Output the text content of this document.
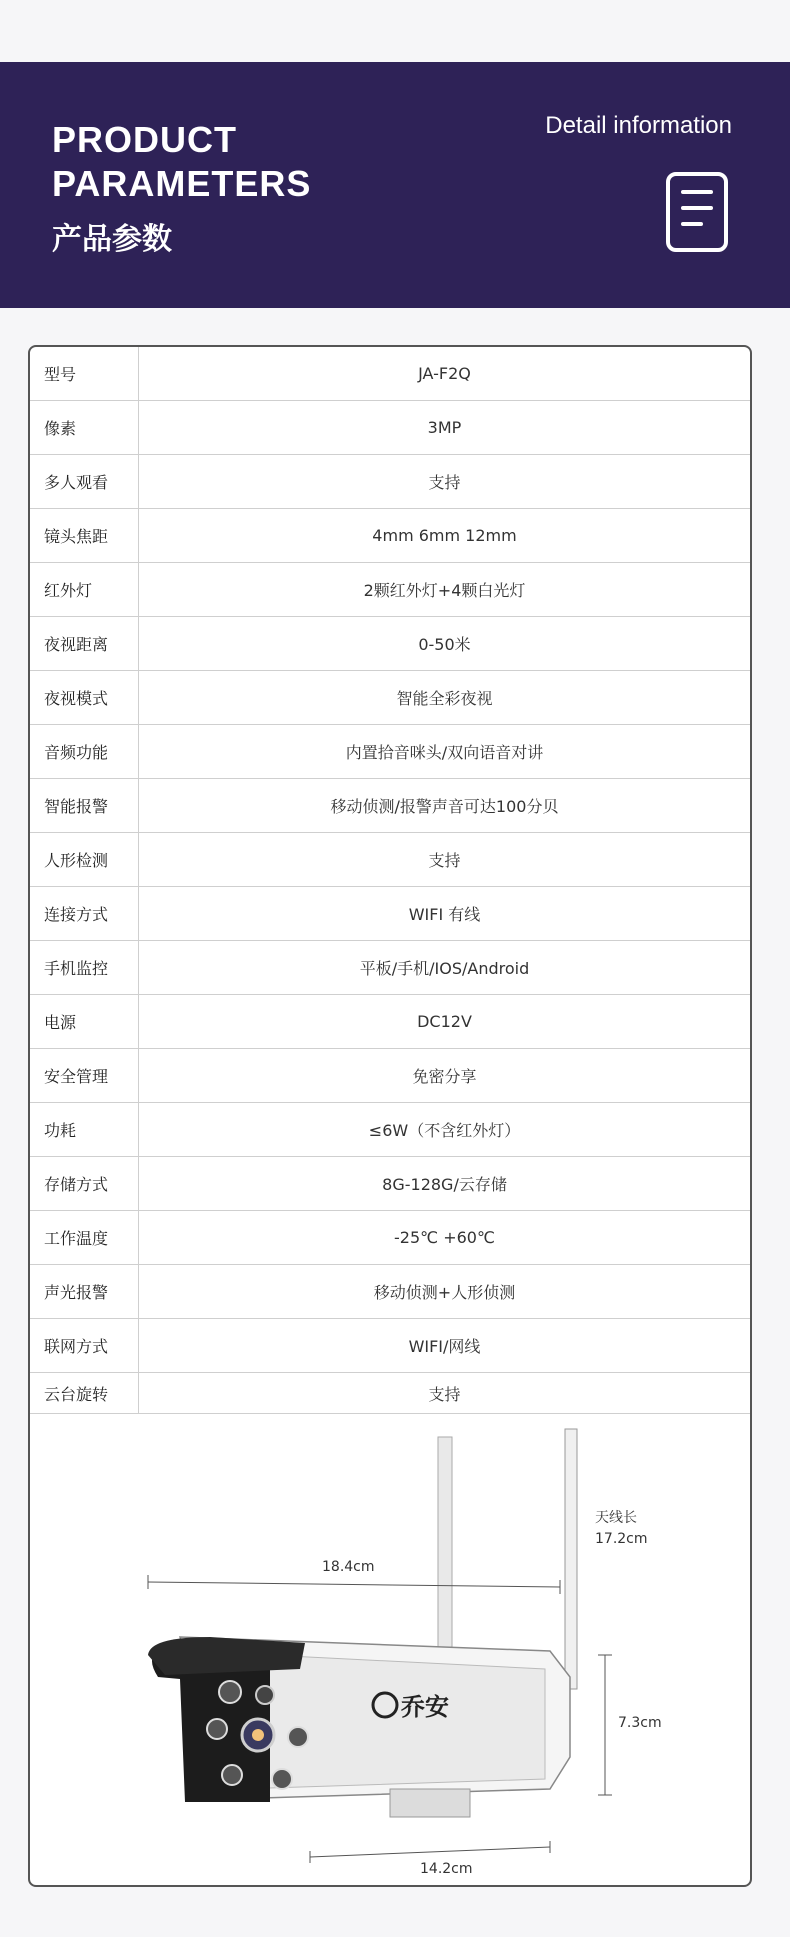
PRODUCT
PARAMETERS
产品参数
Detail information
型号	JA-F2Q
像素	3MP
多人观看	支持
镜头焦距	4mm 6mm 12mm
红外灯	2颗红外灯+4颗白光灯
夜视距离	0-50米
夜视模式	智能全彩夜视
音频功能	内置拾音咪头/双向语音对讲
智能报警	移动侦测/报警声音可达100分贝
人形检测	支持
连接方式	WIFI 有线
手机监控	平板/手机/IOS/Android
电源	DC12V
安全管理	免密分享
功耗	≤6W（不含红外灯）
存储方式	8G-128G/云存储
工作温度	-25℃ +60℃
声光报警	移动侦测+人形侦测
联网方式	WIFI/网线
云台旋转	支持
乔安
天线长
17.2cm
18.4cm
7.3cm
14.2cm
